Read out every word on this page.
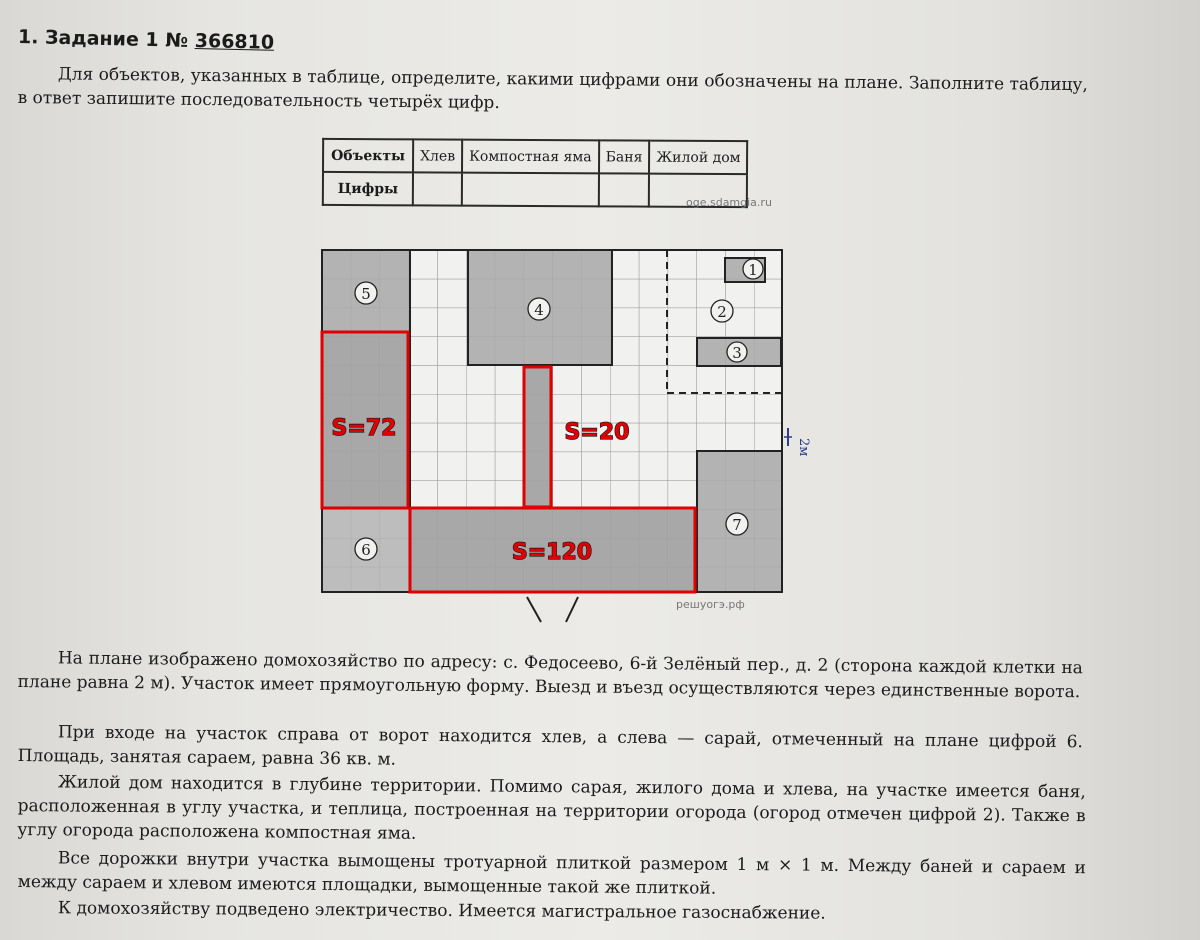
1. Задание 1 № 366810
Для объектов, указанных в таблице, определите, какими цифрами они обозначены на плане. Заполните таблицу, в ответ запишите последовательность четырёх цифр.
Объекты	Хлев	Компостная яма	Баня	Жилой дом
Цифры				
oge.sdamgia.ru
1
2
3
4
5
6
7
S=72	S=20
S=120
2м
решуогэ.рф
На плане изображено домохозяйство по адресу: с. Федосеево, 6-й Зелёный пер., д. 2 (сторона каждой клетки на плане равна 2 м). Участок имеет прямоугольную форму. Выезд и въезд осуществляются через единственные ворота.
При входе на участок справа от ворот находится хлев, а слева — сарай, отмеченный на плане цифрой 6. Площадь, занятая сараем, равна 36 кв. м.
Жилой дом находится в глубине территории. Помимо сарая, жилого дома и хлева, на участке имеется баня, расположенная в углу участка, и теплица, построенная на территории огорода (огород отмечен цифрой 2). Также в углу огорода расположена компостная яма.
Все дорожки внутри участка вымощены тротуарной плиткой размером 1 м × 1 м. Между баней и сараем и между сараем и хлевом имеются площадки, вымощенные такой же плиткой.
К домохозяйству подведено электричество. Имеется магистральное газоснабжение.
